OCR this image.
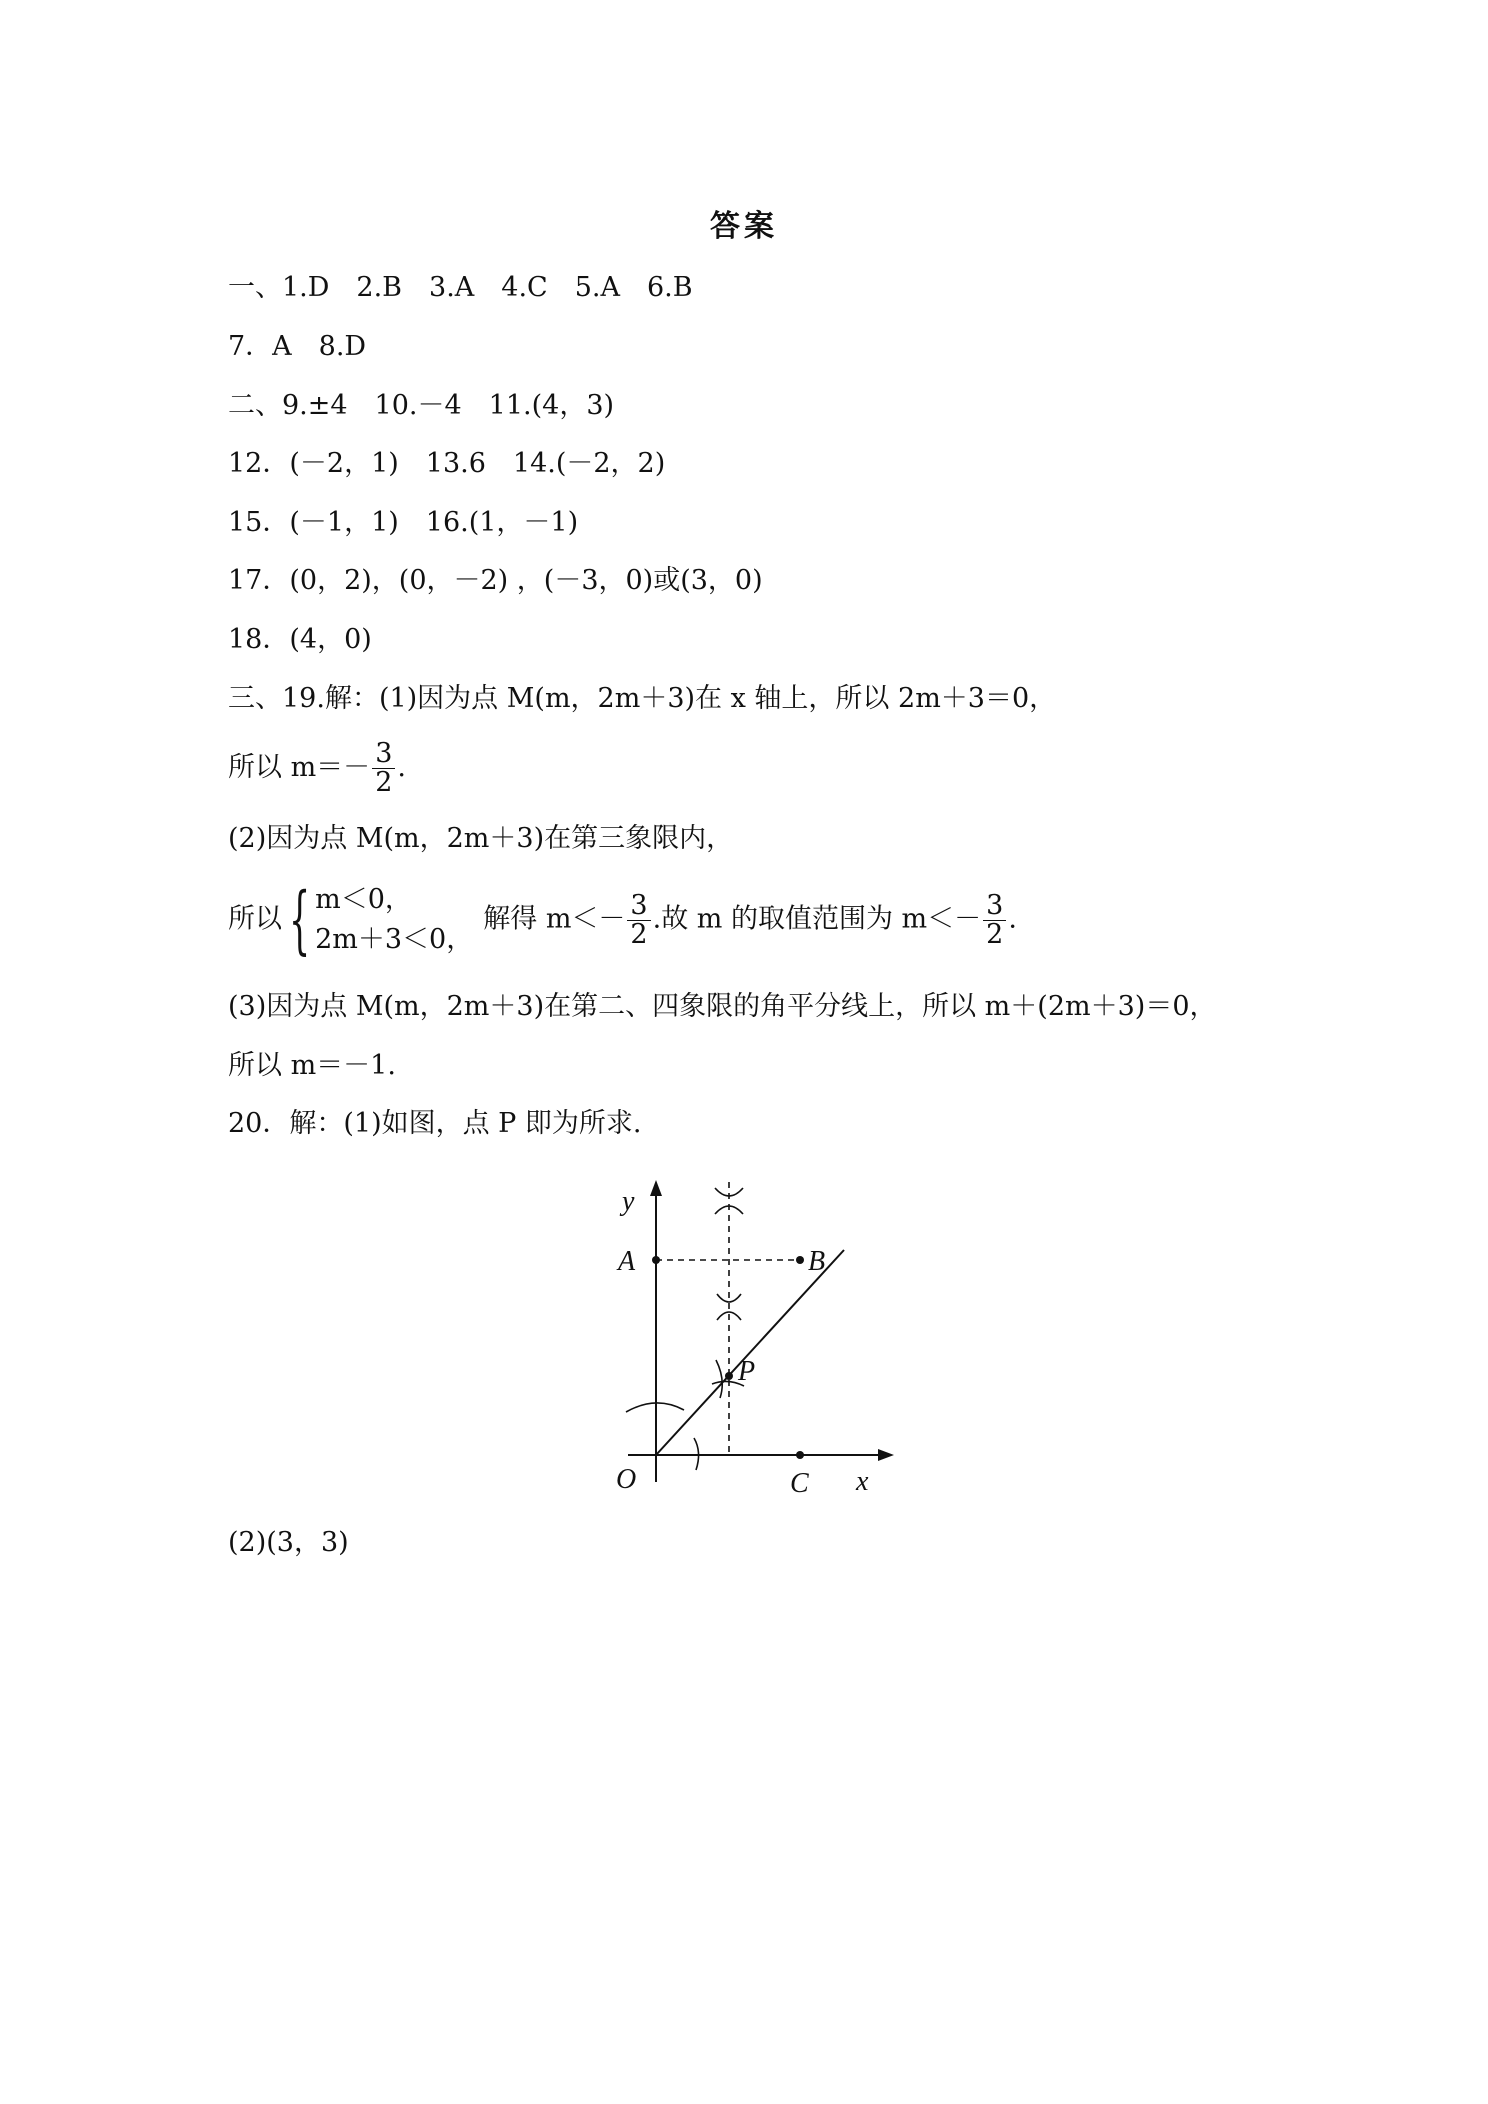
答案
一、1.D　2.B　3.A　4.C　5.A　6.B
7．A　8.D
二、9.±4　10.－4　11.(4，3)
12．(－2，1)　13.6　14.(－2，2)
15．(－1，1)　16.(1，－1)
17．(0，2)，(0，－2) ，(－3，0)或(3，0)
18．(4，0)
三、19.解：(1)因为点 M(m，2m＋3)在 x 轴上，所以 2m＋3＝0，
所以 $m=- \frac{3}{2}$ .
(2)因为点 M(m，2m＋3)在第三象限内，
所以{ m＜0，
2m＋3＜0，
解得 $m<- \frac{3}{2}$ .故 m 的取值范围为 $m<- \frac{3}{2}$ .
(3)因为点 M(m，2m＋3)在第二、四象限的角平分线上，所以 m＋(2m＋3)＝0，
所以 m＝－1.
20．解：(1)如图，点 P 即为所求.
y
A	B
P
O	C x
(2)(3，3)
